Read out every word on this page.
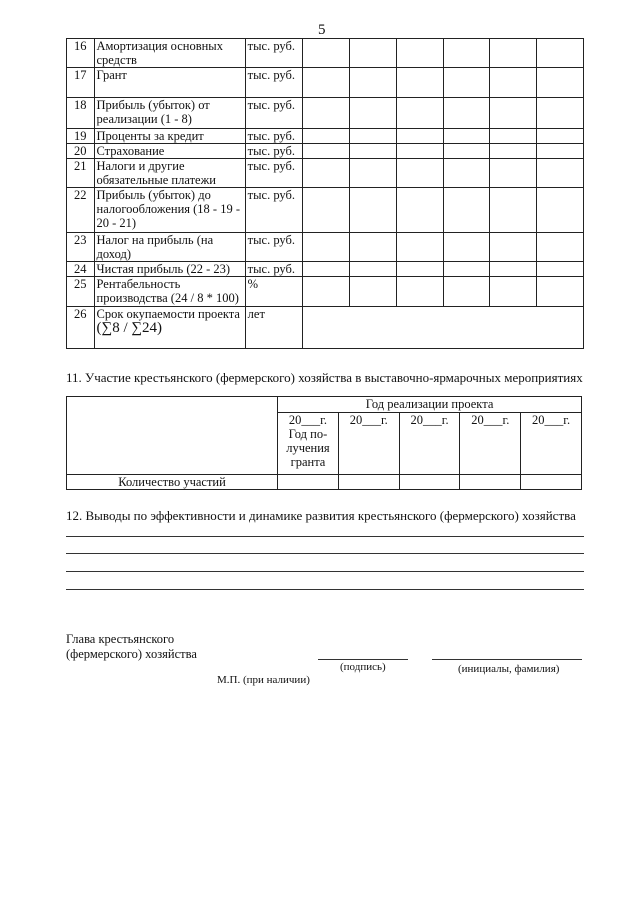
5
16	Амортизация основных средств	тыс. руб.						
17	Грант	тыс. руб.						
18	Прибыль (убыток) от реализации (1 - 8)	тыс. руб.						
19	Проценты за кредит	тыс. руб.						
20	Страхование	тыс. руб.						
21	Налоги и другие обязательные платежи	тыс. руб.						
22	Прибыль (убыток) до налогообложения (18 - 19 - 20 - 21)	тыс. руб.						
23	Налог на прибыль (на доход)	тыс. руб.						
24	Чистая прибыль (22 - 23)	тыс. руб.						
25	Рентабельность производства (24 / 8 * 100)	%						
26	Срок окупаемости проекта (∑8 / ∑24)	лет						
11. Участие крестьянского (фермерского) хозяйства в выставочно-ярмарочных мероприятиях
	Год реализации проекта				
	20___г. Год по-лучения гранта	20___г.	20___г.	20___г.	20___г.
Количество участий					
12. Выводы по эффективности и динамике развития крестьянского (фермерского) хозяйства
Глава крестьянского (фермерского) хозяйства
(подпись)	(инициалы, фамилия)
М.П. (при наличии)
